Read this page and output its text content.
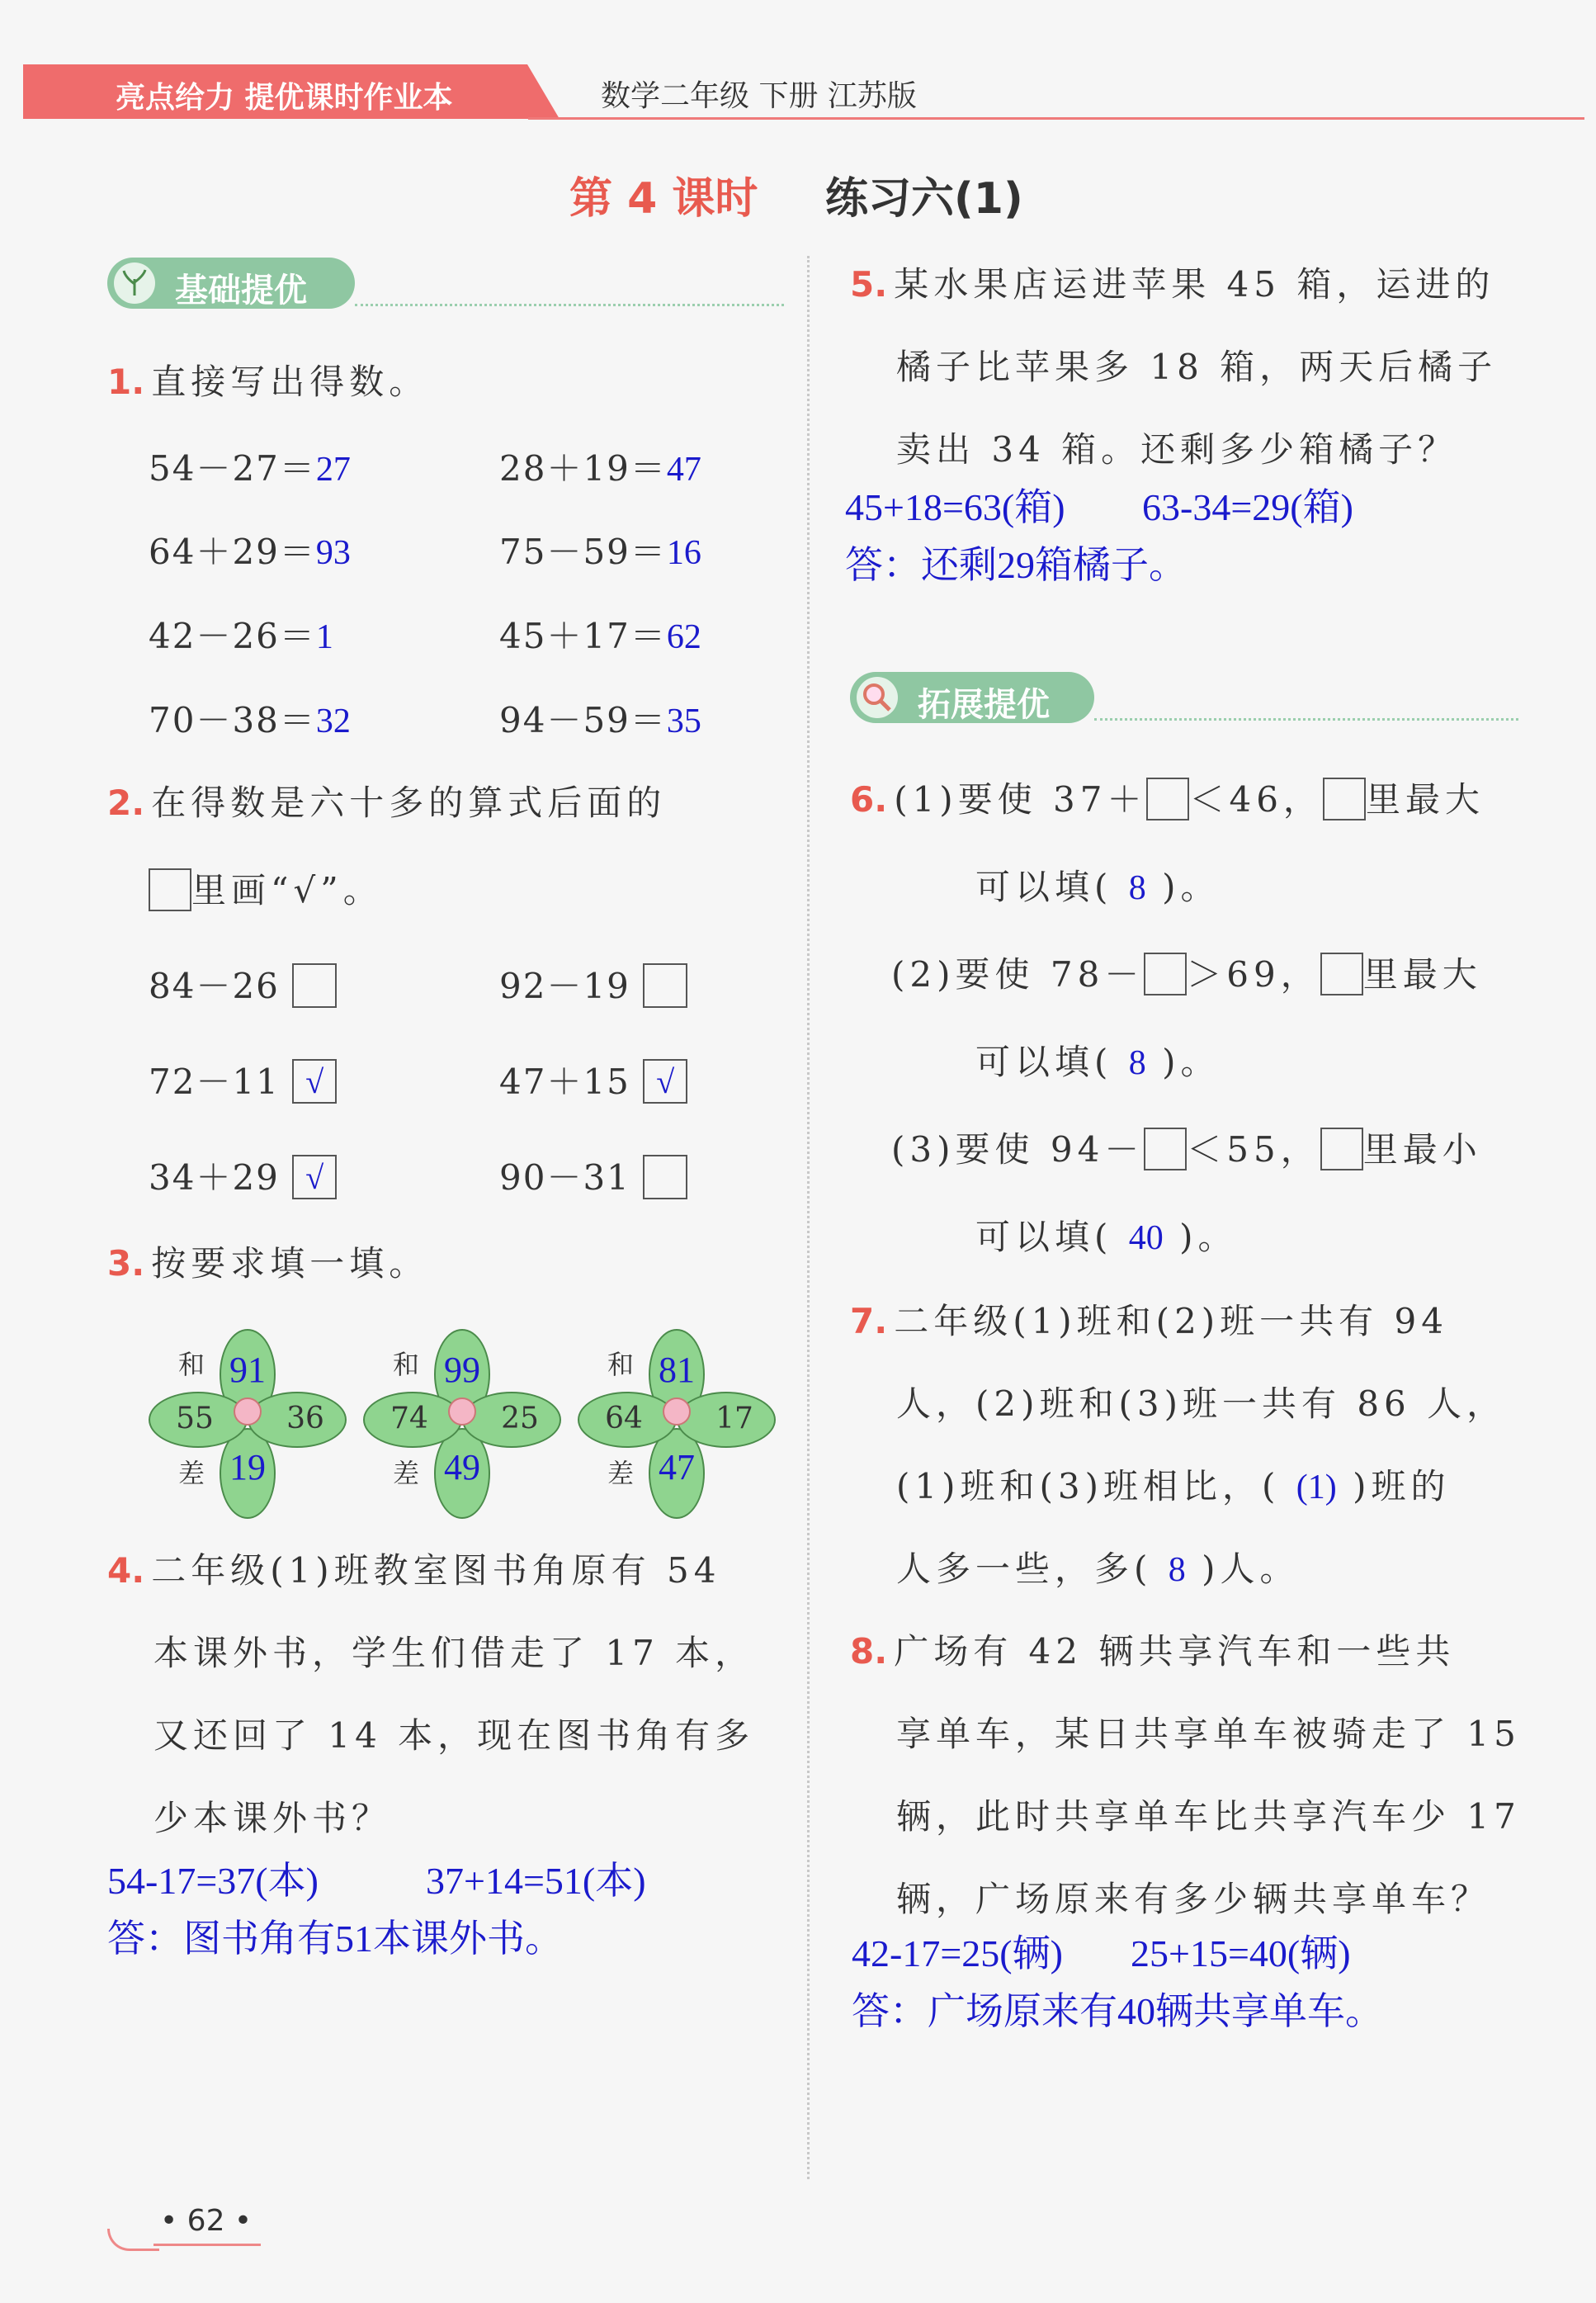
亮点给力 提优课时作业本	数学二年级 下册 江苏版
第 4 课时 练习六(1)
基础提优
1. 直接写出得数。
54－27＝27	28＋19＝47
64＋29＝93	75－59＝16
42－26＝1	45＋17＝62
70－38＝32	94－59＝35
2. 在得数是六十多的算式后面的
里画“√”。
84－26	92－19
72－11 √	47＋15 √
34＋29 √	90－31
3. 按要求填一填。
和
差
91
55	36
19
和
差
99
74	25
49
和
差
81
64	17
47
4. 二年级(1)班教室图书角原有 54
本课外书，学生们借走了 17 本，
又还回了 14 本，现在图书角有多
少本课外书？
54-17=37(本)	37+14=51(本)
答：图书角有51本课外书。
5. 某水果店运进苹果 45 箱，运进的
橘子比苹果多 18 箱，两天后橘子
卖出 34 箱。还剩多少箱橘子？
45+18=63(箱) 63-34=29(箱)
答：还剩29箱橘子。
拓展提优
6. (1)要使 37＋ ＜46， 里最大
可以填( 8 )。
(2)要使 78－ ＞69， 里最大
可以填( 8 )。
(3)要使 94－ ＜55， 里最小
可以填( 40 )。
7. 二年级(1)班和(2)班一共有 94
人，(2)班和(3)班一共有 86 人，
(1)班和(3)班相比，( (1) )班的
人多一些，多( 8 )人。
8. 广场有 42 辆共享汽车和一些共
享单车，某日共享单车被骑走了 15
辆，此时共享单车比共享汽车少 17
辆，广场原来有多少辆共享单车？
42-17=25(辆) 25+15=40(辆)
答：广场原来有40辆共享单车。
• 62 •
